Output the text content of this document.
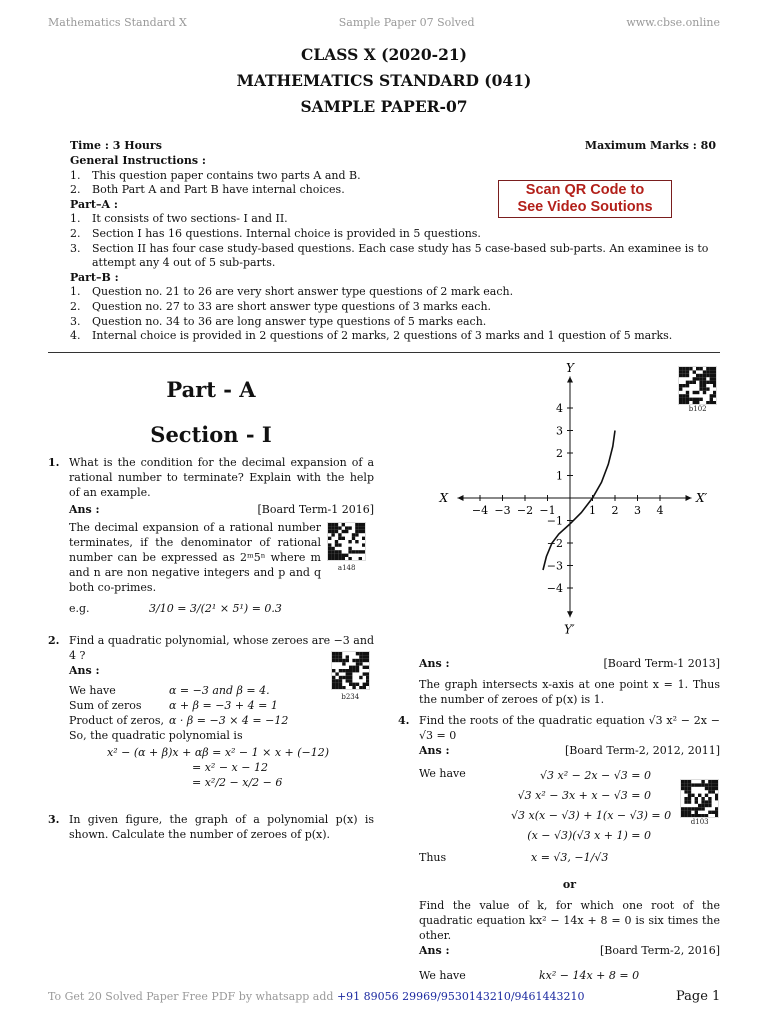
Mathematics Standard X	Sample Paper 07 Solved	www.cbse.online
CLASS X (2020-21)
MATHEMATICS STANDARD (041)
SAMPLE PAPER-07
Time : 3 Hours	Maximum Marks : 80
General Instructions :
1.	This question paper contains two parts A and B.
2.	Both Part A and Part B have internal choices.
Part–A :
1.	It consists of two sections- I and II.
2.	Section I has 16 questions. Internal choice is provided in 5 questions.
3.	Section II has four case study-based questions. Each case study has 5 case-based sub-parts. An examinee is to attempt any 4 out of 5 sub-parts.
Part–B :
1.	Question no. 21 to 26 are very short answer type questions of 2 mark each.
2.	Question no. 27 to 33 are short answer type questions of 3 marks each.
3.	Question no. 34 to 36 are long answer type questions of 5 marks each.
4.	Internal choice is provided in 2 questions of 2 marks, 2 questions of 3 marks and 1 question of 5 marks.
Scan QR Code to
See Video Soutions
Part - A
Section - I
1. What is the condition for the decimal expansion of a rational number to terminate? Explain with the help of an example.
Ans :	[Board Term-1 2016]
The decimal expansion of a rational number terminates, if the denominator of rational number can be expressed as 2ᵐ5ⁿ where m and n are non negative integers and p and q both co-primes.
a148
e.g.	3/10 = 3/(2¹ × 5¹) = 0.3
2. Find a quadratic polynomial, whose zeroes are −3 and 4 ?
Ans :
b234
We have	α = −3 and β = 4.
Sum of zeros	α + β = −3 + 4 = 1
Product of zeros, α · β = −3 × 4 = −12
So, the quadratic polynomial is
x² − (α + β)x + αβ = x² − 1 × x + (−12)
= x² − x − 12
= x²/2 − x/2 − 6
3. In given figure, the graph of a polynomial p(x) is shown. Calculate the number of zeroes of p(x).
−4 −3 −2 −1	1 2 3 4
4
3
2
1
−1
−2
−3
−4
X	X′
Y
Y′
b102
Ans :	[Board Term-1 2013]
The graph intersects x-axis at one point x = 1. Thus the number of zeroes of p(x) is 1.
4. Find the roots of the quadratic equation √3 x² − 2x − √3 = 0
Ans :	[Board Term-2, 2012, 2011]
We have	√3 x² − 2x − √3 = 0
√3 x² − 3x + x − √3 = 0
√3 x(x − √3) + 1(x − √3) = 0
(x − √3)(√3 x + 1) = 0
Thus	x = √3, −1/√3
or
Find the value of k, for which one root of the quadratic equation kx² − 14x + 8 = 0 is six times the other.
Ans :	[Board Term-2, 2016]
We have	kx² − 14x + 8 = 0
d103
To Get 20 Solved Paper Free PDF by whatsapp add +91 89056 29969/9530143210/9461443210	Page 1
